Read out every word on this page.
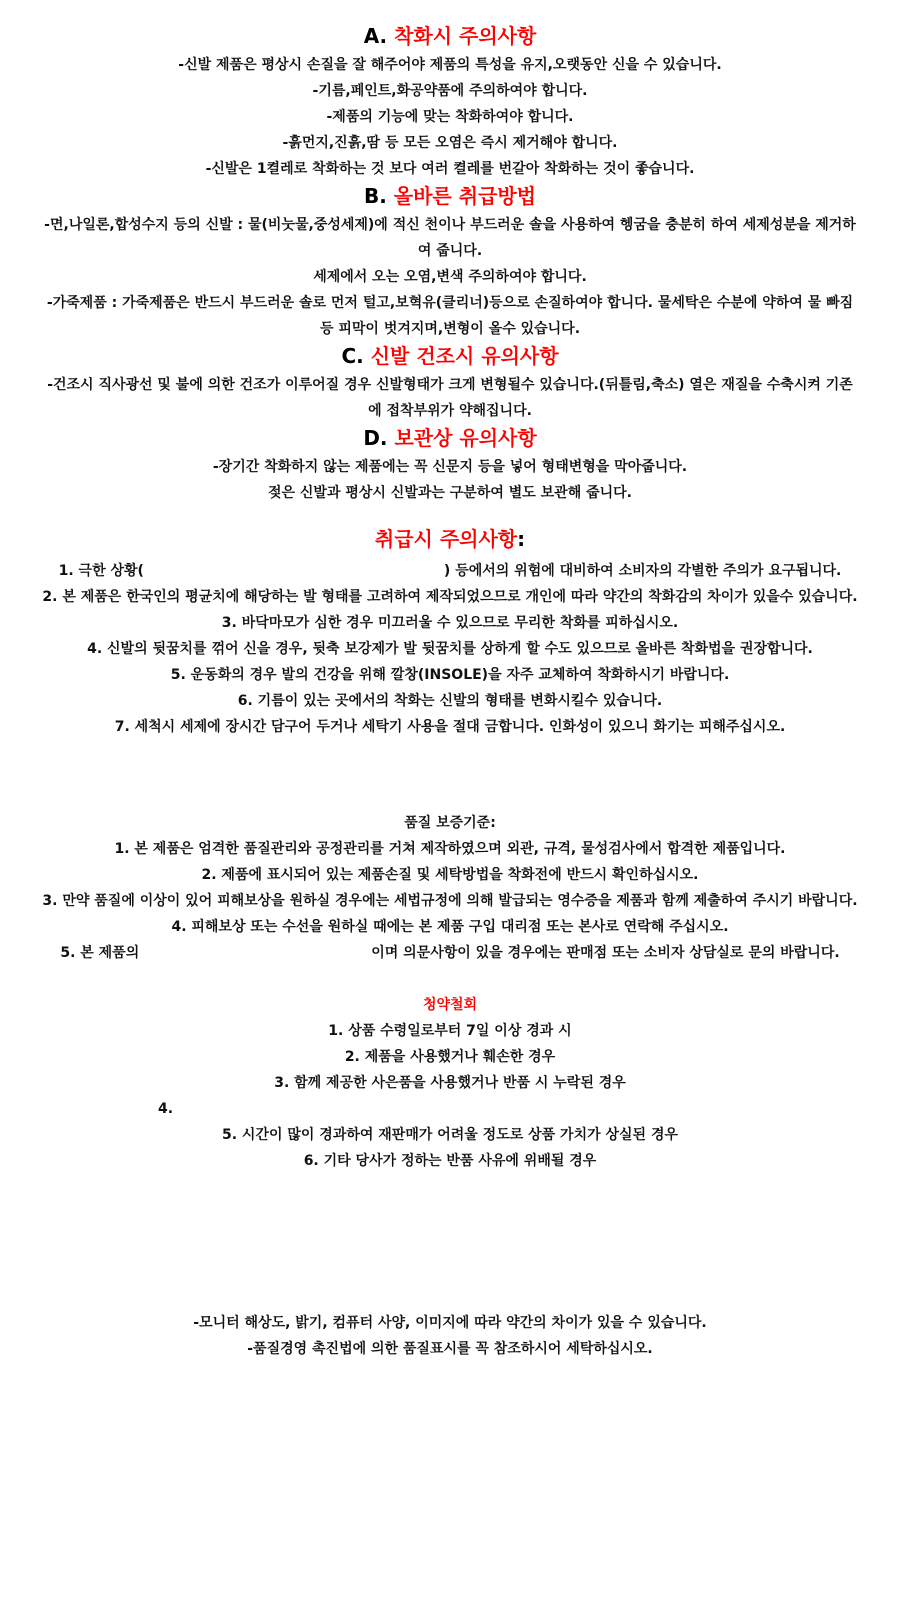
A. 착화시 주의사항

-신발 제품은 평상시 손질을 잘 해주어야 제품의 특성을 유지,오랫동안 신을 수 있습니다.

-기름,페인트,화공약품에 주의하여야 합니다.

-제품의 기능에 맞는 착화하여야 합니다.

-흙먼지,진흙,땀 등 모든 오염은 즉시 제거해야 합니다.

-신발은 1켤레로 착화하는 것 보다 여러 켤레를 번갈아 착화하는 것이 좋습니다.

B. 올바른 취급방법

-면,나일론,합성수지 등의 신발 : 물(비눗물,중성세제)에 적신 천이나 부드러운 솔을 사용하여 헹굼을 충분히 하여 세제성분을 제거하여 줍니다.

세제에서 오는 오염,변색 주의하여야 합니다.

-가죽제품 : 가죽제품은 반드시 부드러운 솔로 먼저 털고,보혁유(클리너)등으로 손질하여야 합니다. 물세탁은 수분에 약하여 물 빠짐 등 피막이 벗겨지며,변형이 올수 있습니다.

C. 신발 건조시 유의사항

-건조시 직사광선 및 불에 의한 건조가 이루어질 경우 신발형태가 크게 변형될수 있습니다.(뒤틀림,축소) 열은 재질을 수축시켜 기존에 접착부위가 약해집니다.

D. 보관상 유의사항

-장기간 착화하지 않는 제품에는 꼭 신문지 등을 넣어 형태변형을 막아줍니다.

젖은 신발과 평상시 신발과는 구분하여 별도 보관해 줍니다.

취급시 주의사항:

1. 극한 상황(	) 등에서의 위험에 대비하여 소비자의 각별한 주의가 요구됩니다.

2. 본 제품은 한국인의 평균치에 해당하는 발 형태를 고려하여 제작되었으므로 개인에 따라 약간의 착화감의 차이가 있을수 있습니다.

3. 바닥마모가 심한 경우 미끄러울 수 있으므로 무리한 착화를 피하십시오.

4. 신발의 뒷꿈치를 꺾어 신을 경우, 뒷축 보강제가 발 뒷꿈치를 상하게 할 수도 있으므로 올바른 착화법을 권장합니다.

5. 운동화의 경우 발의 건강을 위해 깔창(INSOLE)을 자주 교체하여 착화하시기 바랍니다.

6. 기름이 있는 곳에서의 착화는 신발의 형태를 변화시킬수 있습니다.

7. 세척시 세제에 장시간 담구어 두거나 세탁기 사용을 절대 금합니다. 인화성이 있으니 화기는 피해주십시오.

품질 보증기준:

1. 본 제품은 엄격한 품질관리와 공정관리를 거쳐 제작하였으며 외관, 규격, 물성검사에서 합격한 제품입니다.

2. 제품에 표시되어 있는 제품손질 및 세탁방법을 착화전에 반드시 확인하십시오.

3. 만약 품질에 이상이 있어 피해보상을 원하실 경우에는 세법규정에 의해 발급되는 영수증을 제품과 함께 제출하여 주시기 바랍니다.

4. 피해보상 또는 수선을 원하실 때에는 본 제품 구입 대리점 또는 본사로 연락해 주십시오.

5. 본 제품의	이며 의문사항이 있을 경우에는 판매점 또는 소비자 상담실로 문의 바랍니다.

청약철회

1. 상품 수령일로부터 7일 이상 경과 시

2. 제품을 사용했거나 훼손한 경우

3. 함께 제공한 사은품을 사용했거나 반품 시 누락된 경우

4.

5. 시간이 많이 경과하여 재판매가 어려울 정도로 상품 가치가 상실된 경우

6. 기타 당사가 정하는 반품 사유에 위배될 경우

-모니터 해상도, 밝기, 컴퓨터 사양, 이미지에 따라 약간의 차이가 있을 수 있습니다.

-품질경영 촉진법에 의한 품질표시를 꼭 참조하시어 세탁하십시오.
